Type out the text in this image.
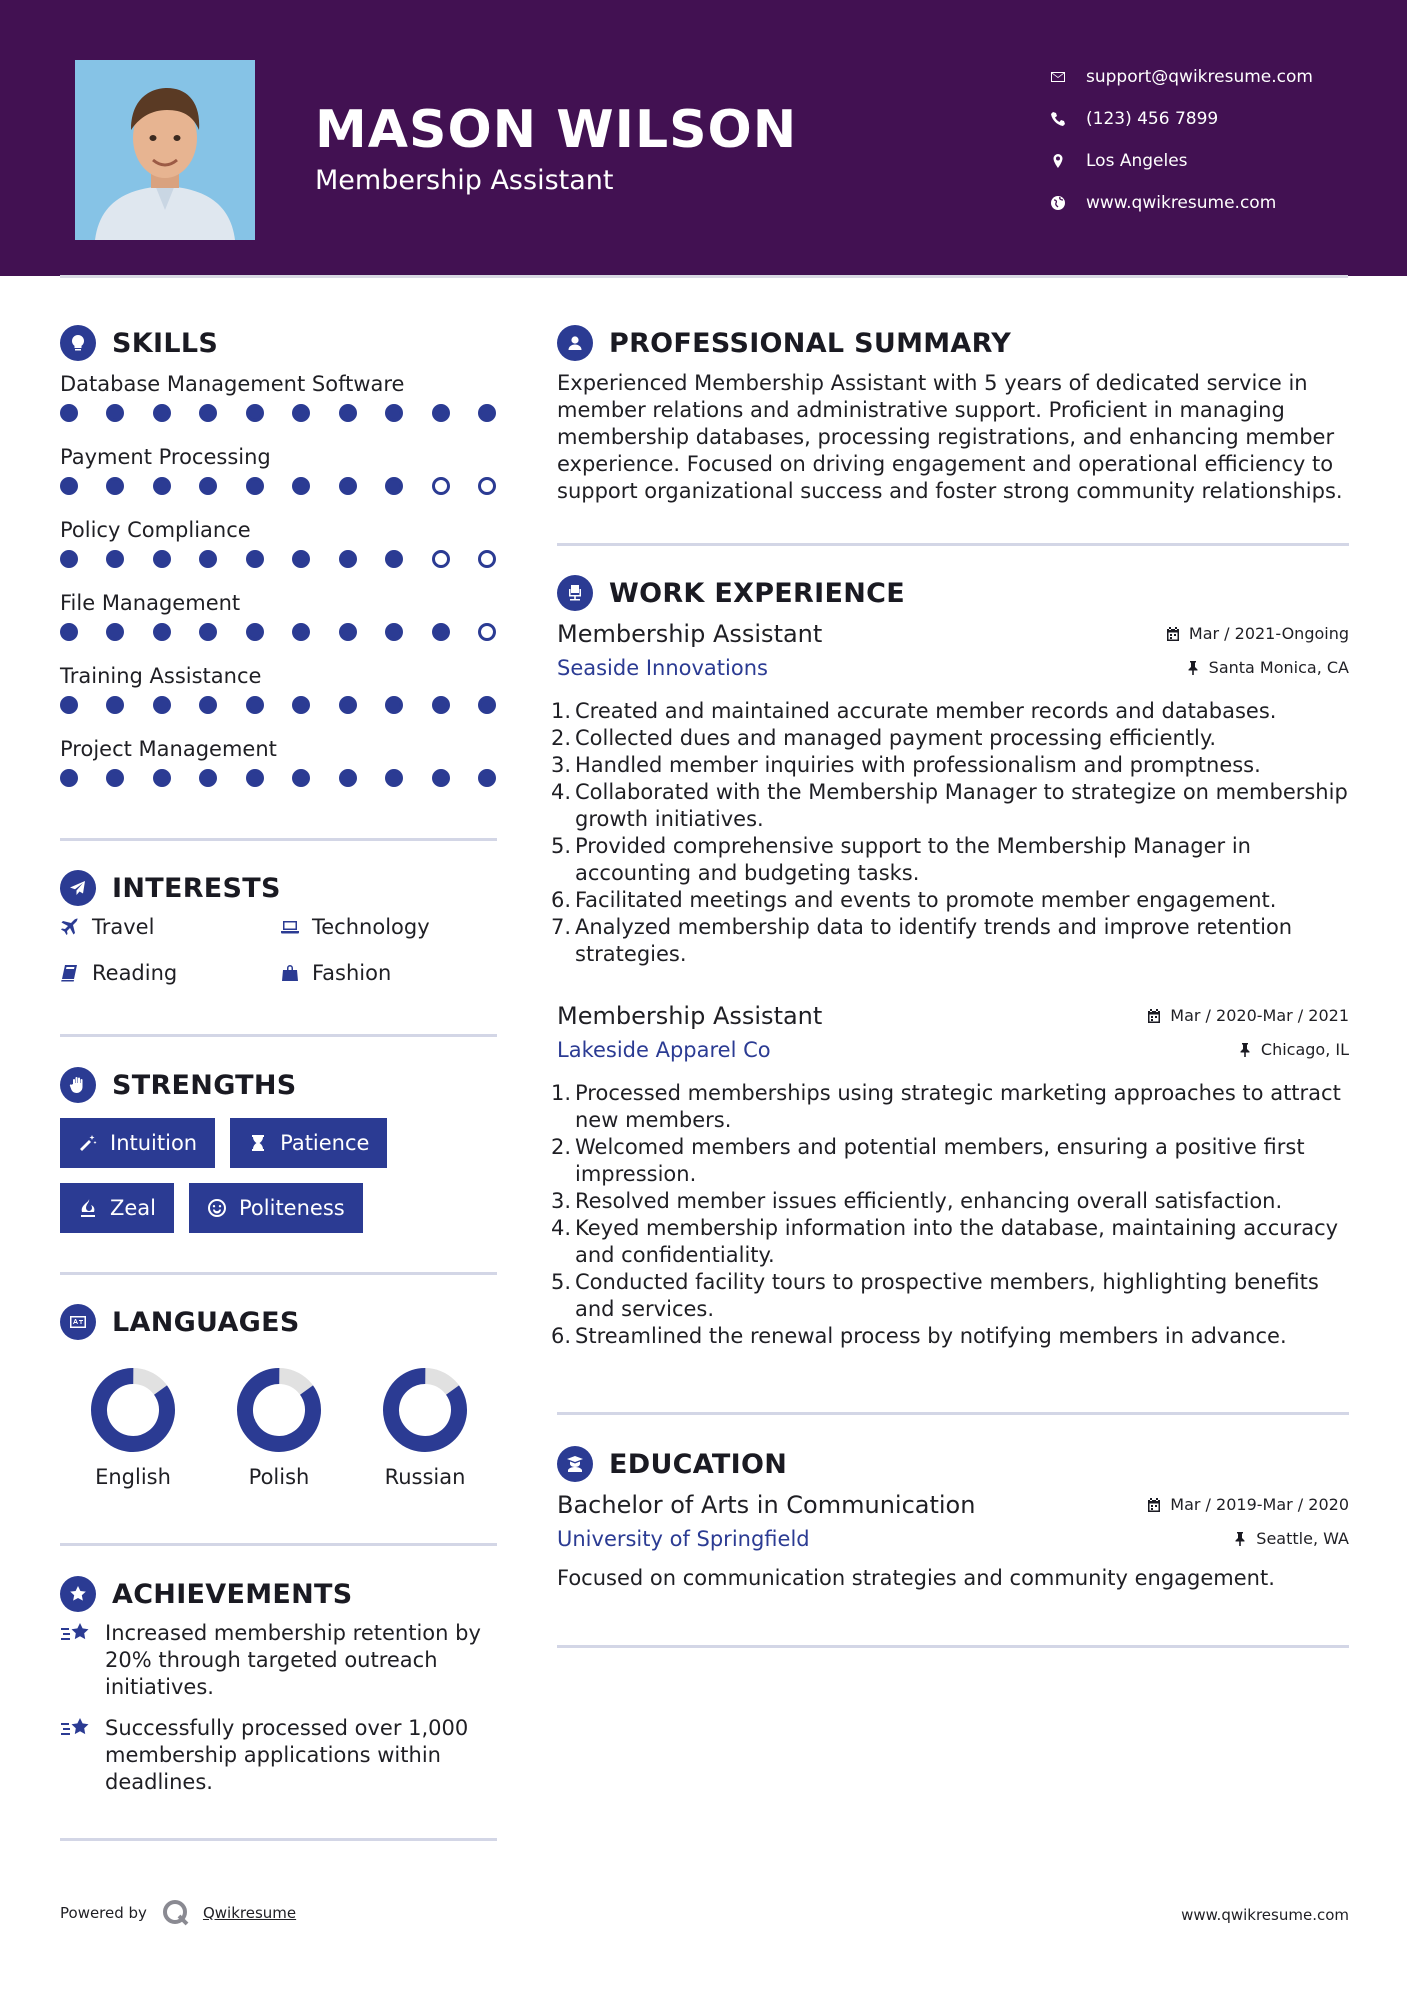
MASON WILSON
Membership Assistant
support@qwikresume.com
(123) 456 7899
Los Angeles
www.qwikresume.com
SKILLS
Database Management Software
Payment Processing
Policy Compliance
File Management
Training Assistance
Project Management
INTERESTS
Travel	Technology
Reading	Fashion
STRENGTHS
Intuition	Patience
Zeal	Politeness
LANGUAGES
English	Polish	Russian
ACHIEVEMENTS
Increased membership retention by 20% through targeted outreach initiatives.
Successfully processed over 1,000 membership applications within deadlines.
PROFESSIONAL SUMMARY
Experienced Membership Assistant with 5 years of dedicated service in member relations and administrative support. Proficient in managing membership databases, processing registrations, and enhancing member experience. Focused on driving engagement and operational efficiency to support organizational success and foster strong community relationships.
WORK EXPERIENCE
Membership Assistant	Mar / 2021-Ongoing
Seaside Innovations	Santa Monica, CA
Created and maintained accurate member records and databases.
Collected dues and managed payment processing efficiently.
Handled member inquiries with professionalism and promptness.
Collaborated with the Membership Manager to strategize on membership growth initiatives.
Provided comprehensive support to the Membership Manager in accounting and budgeting tasks.
Facilitated meetings and events to promote member engagement.
Analyzed membership data to identify trends and improve retention strategies.
Membership Assistant	Mar / 2020-Mar / 2021
Lakeside Apparel Co	Chicago, IL
Processed memberships using strategic marketing approaches to attract new members.
Welcomed members and potential members, ensuring a positive first impression.
Resolved member issues efficiently, enhancing overall satisfaction.
Keyed membership information into the database, maintaining accuracy and confidentiality.
Conducted facility tours to prospective members, highlighting benefits and services.
Streamlined the renewal process by notifying members in advance.
EDUCATION
Bachelor of Arts in Communication	Mar / 2019-Mar / 2020
University of Springfield	Seattle, WA
Focused on communication strategies and community engagement.
Powered by	Qwikresume	www.qwikresume.com
